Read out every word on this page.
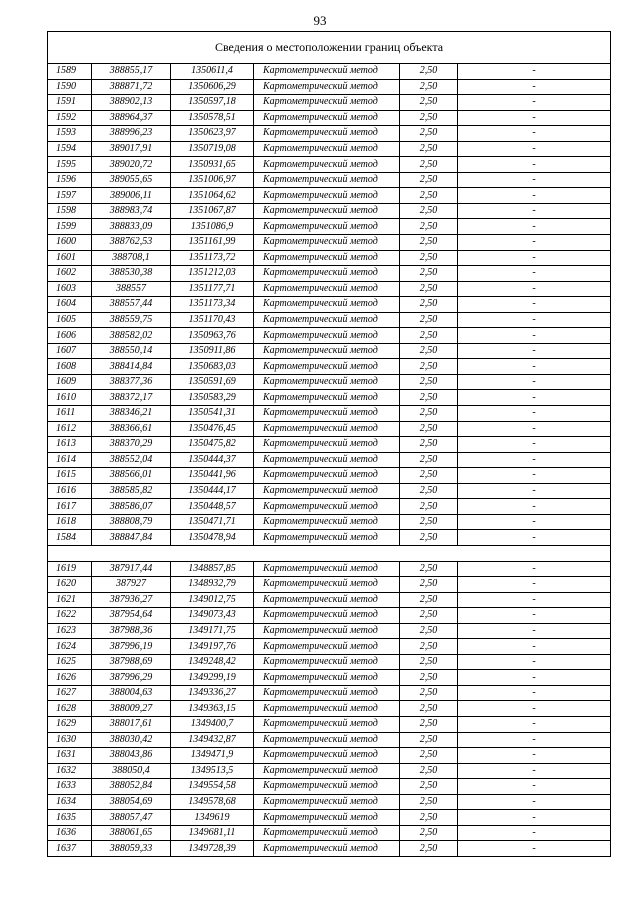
93
Сведения о местоположении границ объекта					
1589	388855,17	1350611,4	Картометрический метод	2,50	-
1590	388871,72	1350606,29	Картометрический метод	2,50	-
1591	388902,13	1350597,18	Картометрический метод	2,50	-
1592	388964,37	1350578,51	Картометрический метод	2,50	-
1593	388996,23	1350623,97	Картометрический метод	2,50	-
1594	389017,91	1350719,08	Картометрический метод	2,50	-
1595	389020,72	1350931,65	Картометрический метод	2,50	-
1596	389055,65	1351006,97	Картометрический метод	2,50	-
1597	389006,11	1351064,62	Картометрический метод	2,50	-
1598	388983,74	1351067,87	Картометрический метод	2,50	-
1599	388833,09	1351086,9	Картометрический метод	2,50	-
1600	388762,53	1351161,99	Картометрический метод	2,50	-
1601	388708,1	1351173,72	Картометрический метод	2,50	-
1602	388530,38	1351212,03	Картометрический метод	2,50	-
1603	388557	1351177,71	Картометрический метод	2,50	-
1604	388557,44	1351173,34	Картометрический метод	2,50	-
1605	388559,75	1351170,43	Картометрический метод	2,50	-
1606	388582,02	1350963,76	Картометрический метод	2,50	-
1607	388550,14	1350911,86	Картометрический метод	2,50	-
1608	388414,84	1350683,03	Картометрический метод	2,50	-
1609	388377,36	1350591,69	Картометрический метод	2,50	-
1610	388372,17	1350583,29	Картометрический метод	2,50	-
1611	388346,21	1350541,31	Картометрический метод	2,50	-
1612	388366,61	1350476,45	Картометрический метод	2,50	-
1613	388370,29	1350475,82	Картометрический метод	2,50	-
1614	388552,04	1350444,37	Картометрический метод	2,50	-
1615	388566,01	1350441,96	Картометрический метод	2,50	-
1616	388585,82	1350444,17	Картометрический метод	2,50	-
1617	388586,07	1350448,57	Картометрический метод	2,50	-
1618	388808,79	1350471,71	Картометрический метод	2,50	-
1584	388847,84	1350478,94	Картометрический метод	2,50	-

1619	387917,44	1348857,85	Картометрический метод	2,50	-
1620	387927	1348932,79	Картометрический метод	2,50	-
1621	387936,27	1349012,75	Картометрический метод	2,50	-
1622	387954,64	1349073,43	Картометрический метод	2,50	-
1623	387988,36	1349171,75	Картометрический метод	2,50	-
1624	387996,19	1349197,76	Картометрический метод	2,50	-
1625	387988,69	1349248,42	Картометрический метод	2,50	-
1626	387996,29	1349299,19	Картометрический метод	2,50	-
1627	388004,63	1349336,27	Картометрический метод	2,50	-
1628	388009,27	1349363,15	Картометрический метод	2,50	-
1629	388017,61	1349400,7	Картометрический метод	2,50	-
1630	388030,42	1349432,87	Картометрический метод	2,50	-
1631	388043,86	1349471,9	Картометрический метод	2,50	-
1632	388050,4	1349513,5	Картометрический метод	2,50	-
1633	388052,84	1349554,58	Картометрический метод	2,50	-
1634	388054,69	1349578,68	Картометрический метод	2,50	-
1635	388057,47	1349619	Картометрический метод	2,50	-
1636	388061,65	1349681,11	Картометрический метод	2,50	-
1637	388059,33	1349728,39	Картометрический метод	2,50	-
